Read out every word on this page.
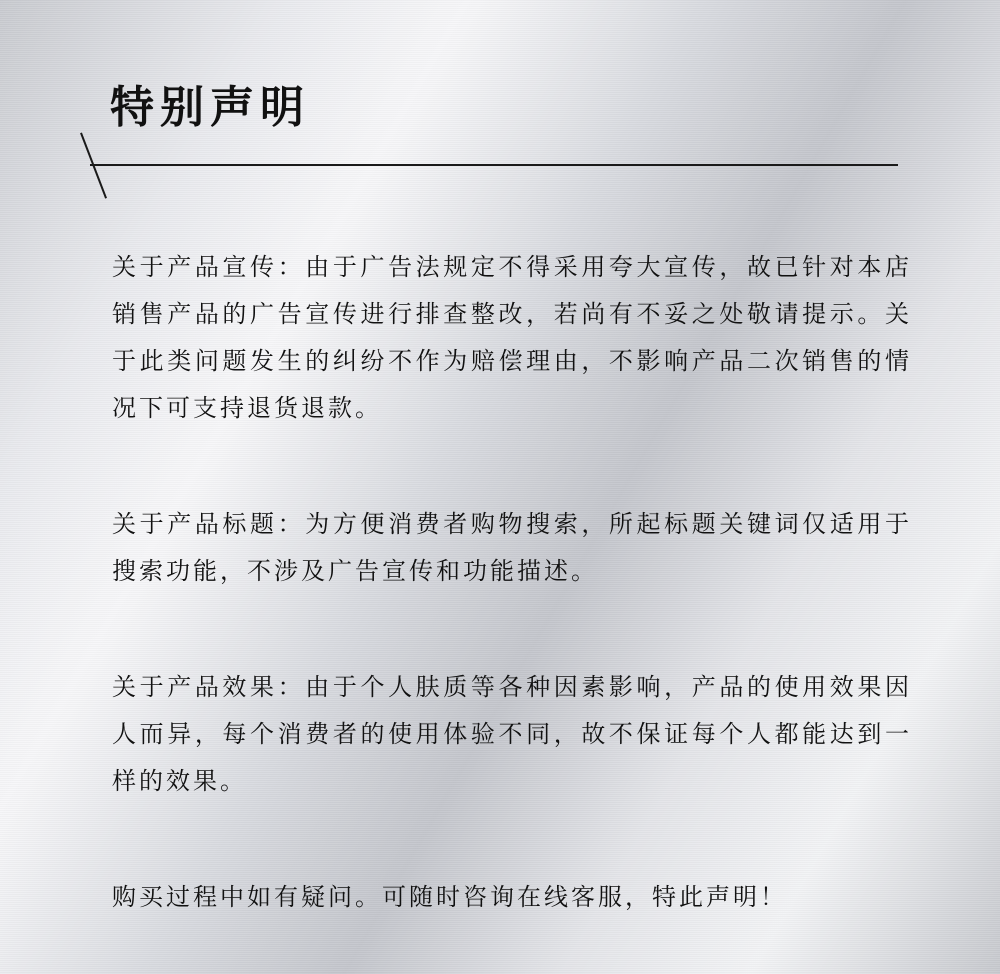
特别声明

关于产品宣传：由于广告法规定不得采用夸大宣传，故已针对本店销售产品的广告宣传进行排查整改，若尚有不妥之处敬请提示。关于此类问题发生的纠纷不作为赔偿理由，不影响产品二次销售的情况下可支持退货退款。

关于产品标题：为方便消费者购物搜索，所起标题关键词仅适用于搜索功能，不涉及广告宣传和功能描述。

关于产品效果：由于个人肤质等各种因素影响，产品的使用效果因人而异，每个消费者的使用体验不同，故不保证每个人都能达到一样的效果。

购买过程中如有疑问。可随时咨询在线客服，特此声明！
